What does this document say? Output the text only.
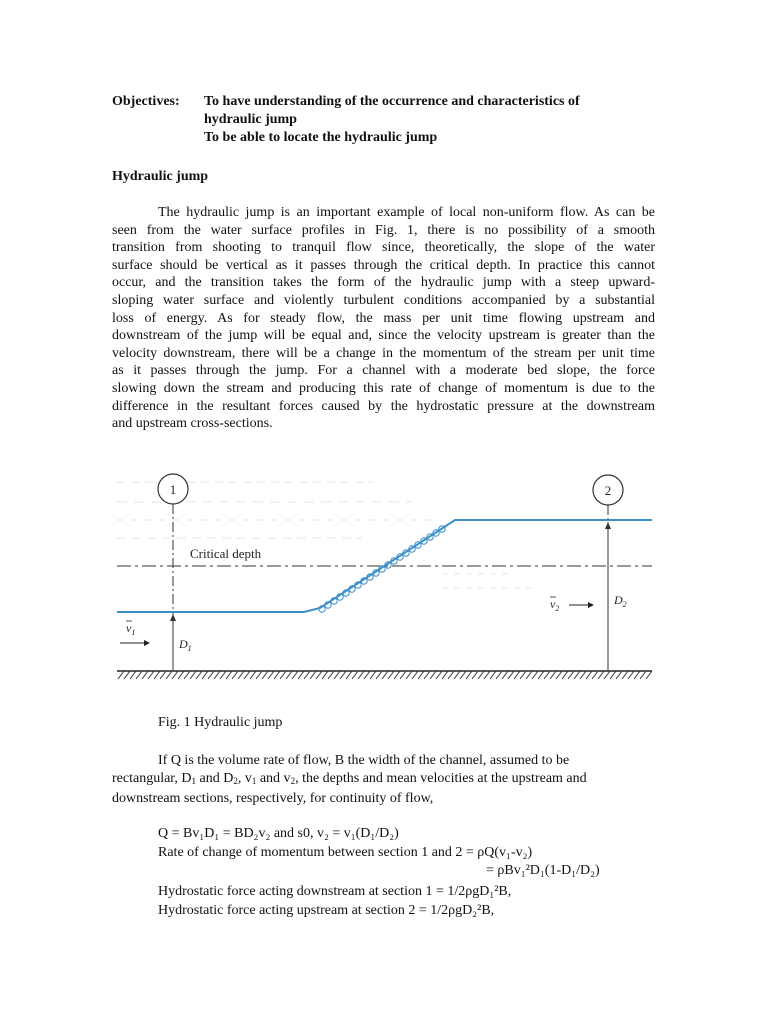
Objectives: To have understanding of the occurrence and characteristics of
hydraulic jump
To be able to locate the hydraulic jump
Hydraulic jump
The hydraulic jump is an important example of local non-uniform flow. As can be
seen from the water surface profiles in Fig. 1, there is no possibility of a smooth
transition from shooting to tranquil flow since, theoretically, the slope of the water
surface should be vertical as it passes through the critical depth. In practice this cannot
occur, and the transition takes the form of the hydraulic jump with a steep upward-
sloping water surface and violently turbulent conditions accompanied by a substantial
loss of energy. As for steady flow, the mass per unit time flowing upstream and
downstream of the jump will be equal and, since the velocity upstream is greater than the
velocity downstream, there will be a change in the momentum of the stream per unit time
as it passes through the jump. For a channel with a moderate bed slope, the force
slowing down the stream and producing this rate of change of momentum is due to the
difference in the resultant forces caused by the hydrostatic pressure at the downstream
and upstream cross-sections.
1	2
Critical depth
$D_1$
$D_2$
$v_1$
$v_2$
Fig. 1 Hydraulic jump
If Q is the volume rate of flow, B the width of the channel, assumed to be
rectangular, $D_1$ and $D_2$, $v_1$ and $v_2$, the depths and mean velocities at the upstream and
downstream sections, respectively, for continuity of flow,
Q = Bv₁D₁ = BD₂v₂ and s0, v₂ = v₁(D₁/D₂)
Rate of change of momentum between section 1 and 2 = ρQ(v₁-v₂)
= ρBv₁²D₁(1-D₁/D₂)
Hydrostatic force acting downstream at section 1 = 1/2ρgD₁²B,
Hydrostatic force acting upstream at section 2 = 1/2ρgD₂²B,
